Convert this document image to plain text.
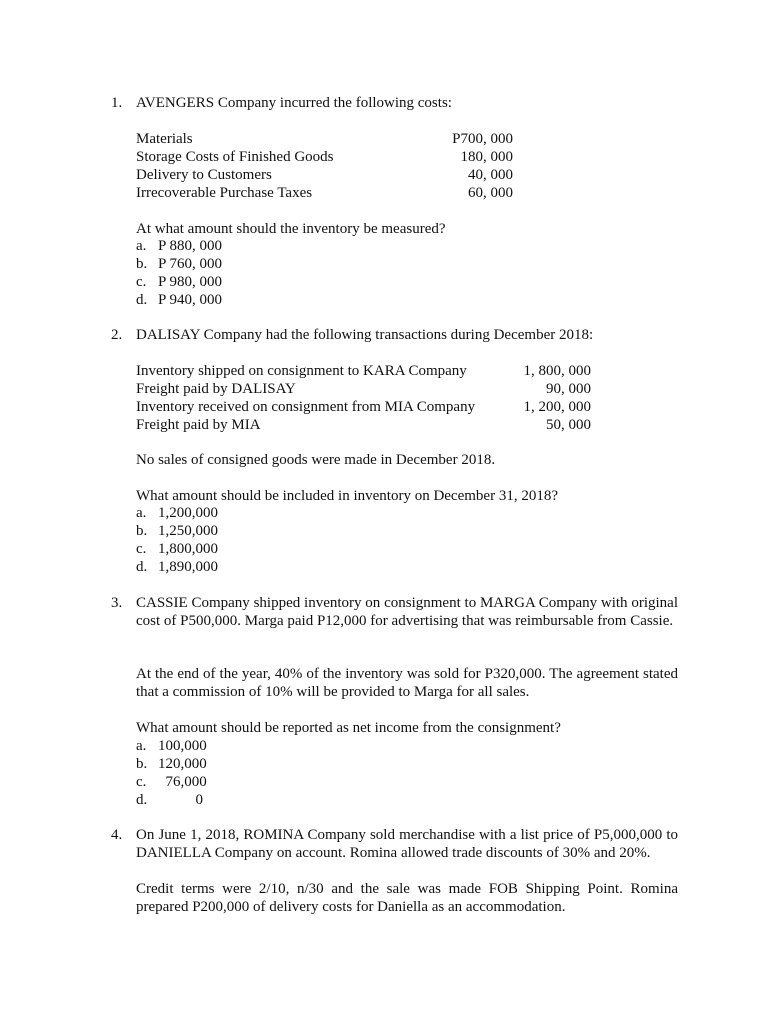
1. AVENGERS Company incurred the following costs:
Materials	P700, 000
Storage Costs of Finished Goods	180, 000
Delivery to Customers	40, 000
Irrecoverable Purchase Taxes	60, 000
At what amount should the inventory be measured?
a. P 880, 000
b. P 760, 000
c. P 980, 000
d. P 940, 000
2. DALISAY Company had the following transactions during December 2018:
Inventory shipped on consignment to KARA Company	1, 800, 000
Freight paid by DALISAY	90, 000
Inventory received on consignment from MIA Company	1, 200, 000
Freight paid by MIA	50, 000
No sales of consigned goods were made in December 2018.
What amount should be included in inventory on December 31, 2018?
a. 1,200,000
b. 1,250,000
c. 1,800,000
d. 1,890,000
3. CASSIE Company shipped inventory on consignment to MARGA Company with original cost of P500,000. Marga paid P12,000 for advertising that was reimbursable from Cassie.
At the end of the year, 40% of the inventory was sold for P320,000. The agreement stated that a commission of 10% will be provided to Marga for all sales.
What amount should be reported as net income from the consignment?
a. 100,000
b. 120,000
c.  76,000
d.          0
4. On June 1, 2018, ROMINA Company sold merchandise with a list price of P5,000,000 to DANIELLA Company on account. Romina allowed trade discounts of 30% and 20%.
Credit terms were 2/10, n/30 and the sale was made FOB Shipping Point. Romina prepared P200,000 of delivery costs for Daniella as an accommodation.
